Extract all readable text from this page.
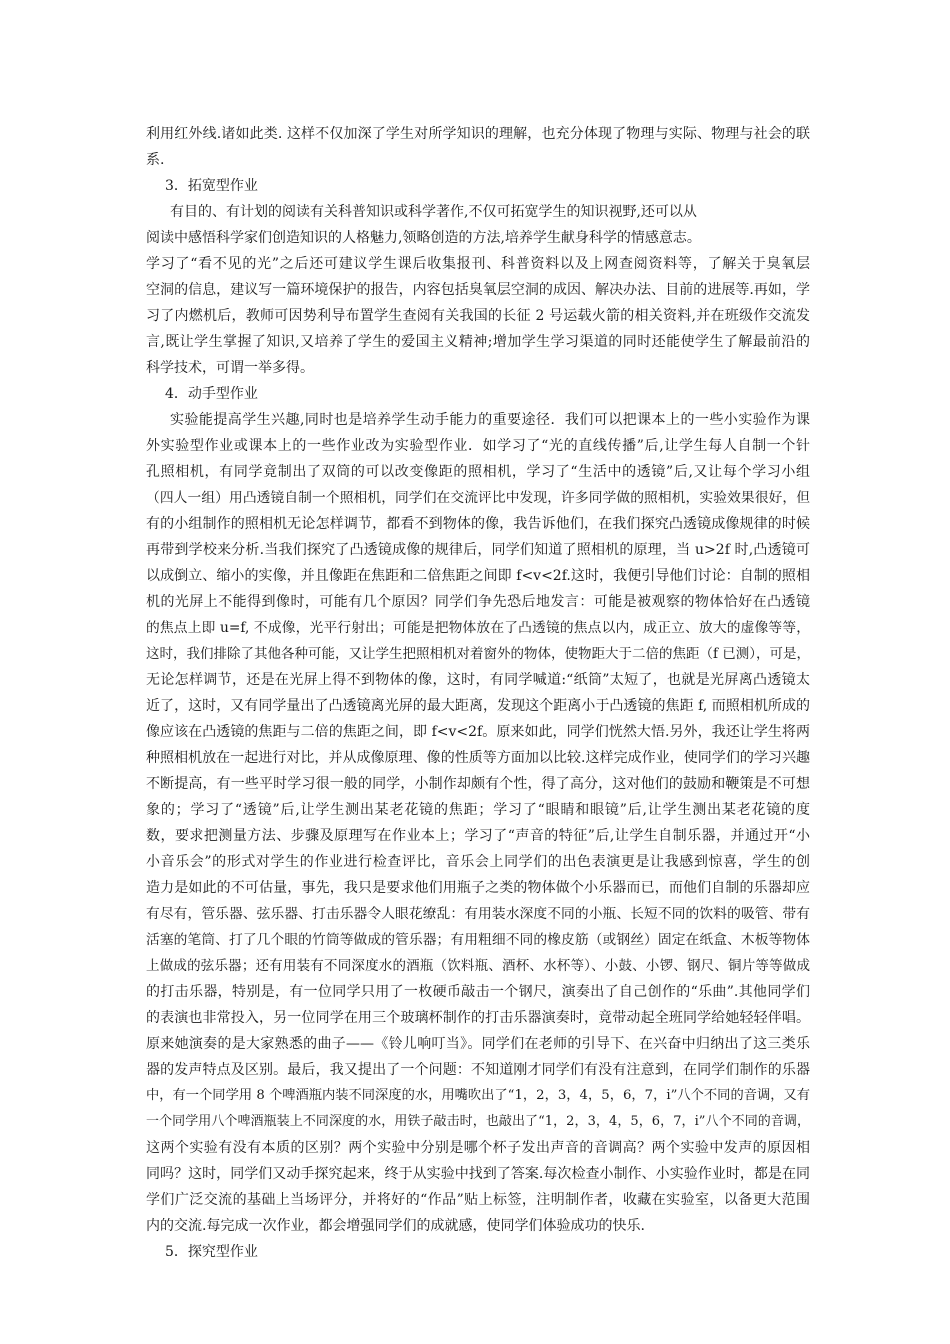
利用红外线.诸如此类. 这样不仅加深了学生对所学知识的理解，也充分体现了物理与实际、物理与社会的联
系.
3．拓宽型作业
有目的、有计划的阅读有关科普知识或科学著作,不仅可拓宽学生的知识视野,还可以从
阅读中感悟科学家们创造知识的人格魅力,领略创造的方法,培养学生献身科学的情感意志。
学习了“看不见的光”之后还可建议学生课后收集报刊、科普资料以及上网查阅资料等，了解关于臭氧层
空洞的信息，建议写一篇环境保护的报告，内容包括臭氧层空洞的成因、解决办法、目前的进展等.再如，学
习了内燃机后，教师可因势利导布置学生查阅有关我国的长征 2 号运载火箭的相关资料,并在班级作交流发
言,既让学生掌握了知识,又培养了学生的爱国主义精神;增加学生学习渠道的同时还能使学生了解最前沿的
科学技术，可谓一举多得。
4．动手型作业
实验能提高学生兴趣,同时也是培养学生动手能力的重要途径．我们可以把课本上的一些小实验作为课
外实验型作业或课本上的一些作业改为实验型作业．如学习了“光的直线传播”后,让学生每人自制一个针
孔照相机，有同学竟制出了双筒的可以改变像距的照相机，学习了“生活中的透镜”后,又让每个学习小组
（四人一组）用凸透镜自制一个照相机，同学们在交流评比中发现，许多同学做的照相机，实验效果很好，但
有的小组制作的照相机无论怎样调节，都看不到物体的像，我告诉他们，在我们探究凸透镜成像规律的时候
再带到学校来分析.当我们探究了凸透镜成像的规律后，同学们知道了照相机的原理，当 u>2f 时,凸透镜可
以成倒立、缩小的实像，并且像距在焦距和二倍焦距之间即 f<v<2f.这时，我便引导他们讨论：自制的照相
机的光屏上不能得到像时，可能有几个原因？同学们争先恐后地发言：可能是被观察的物体恰好在凸透镜
的焦点上即 u=f, 不成像，光平行射出；可能是把物体放在了凸透镜的焦点以内，成正立、放大的虚像等等，
这时，我们排除了其他各种可能，又让学生把照相机对着窗外的物体，使物距大于二倍的焦距（f 已测），可是，
无论怎样调节，还是在光屏上得不到物体的像，这时，有同学喊道:“纸筒”太短了，也就是光屏离凸透镜太
近了，这时，又有同学量出了凸透镜离光屏的最大距离，发现这个距离小于凸透镜的焦距 f, 而照相机所成的
像应该在凸透镜的焦距与二倍的焦距之间，即 f<v<2f。原来如此，同学们恍然大悟.另外，我还让学生将两
种照相机放在一起进行对比，并从成像原理、像的性质等方面加以比较.这样完成作业，使同学们的学习兴趣
不断提高，有一些平时学习很一般的同学，小制作却颇有个性，得了高分，这对他们的鼓励和鞭策是不可想
象的；学习了“透镜”后,让学生测出某老花镜的焦距；学习了“眼睛和眼镜”后,让学生测出某老花镜的度
数，要求把测量方法、步骤及原理写在作业本上；学习了“声音的特征”后,让学生自制乐器，并通过开“小
小音乐会”的形式对学生的作业进行检查评比，音乐会上同学们的出色表演更是让我感到惊喜，学生的创
造力是如此的不可估量，事先，我只是要求他们用瓶子之类的物体做个小乐器而已，而他们自制的乐器却应
有尽有，管乐器、弦乐器、打击乐器令人眼花缭乱：有用装水深度不同的小瓶、长短不同的饮料的吸管、带有
活塞的笔筒、打了几个眼的竹筒等做成的管乐器；有用粗细不同的橡皮筋（或钢丝）固定在纸盒、木板等物体
上做成的弦乐器；还有用装有不同深度水的酒瓶（饮料瓶、酒杯、水杯等）、小鼓、小锣、钢尺、铜片等等做成
的打击乐器，特别是，有一位同学只用了一枚硬币敲击一个钢尺，演奏出了自己创作的“乐曲”.其他同学们
的表演也非常投入，另一位同学在用三个玻璃杯制作的打击乐器演奏时，竟带动起全班同学给她轻轻伴唱。
原来她演奏的是大家熟悉的曲子——《铃儿响叮当》。同学们在老师的引导下、在兴奋中归纳出了这三类乐
器的发声特点及区别。最后，我又提出了一个问题：不知道刚才同学们有没有注意到，在同学们制作的乐器
中，有一个同学用 8 个啤酒瓶内装不同深度的水，用嘴吹出了“1，2，3，4，5，6，7，i̇”八个不同的音调，又有
一个同学用八个啤酒瓶装上不同深度的水，用铁子敲击时，也敲出了“1，2，3，4，5，6，7，i̇”八个不同的音调，
这两个实验有没有本质的区别？两个实验中分别是哪个杯子发出声音的音调高？两个实验中发声的原因相
同吗？这时，同学们又动手探究起来，终于从实验中找到了答案.每次检查小制作、小实验作业时，都是在同
学们广泛交流的基础上当场评分，并将好的“作品”贴上标签，注明制作者，收藏在实验室，以备更大范围
内的交流.每完成一次作业，都会增强同学们的成就感，使同学们体验成功的快乐.
5．探究型作业
